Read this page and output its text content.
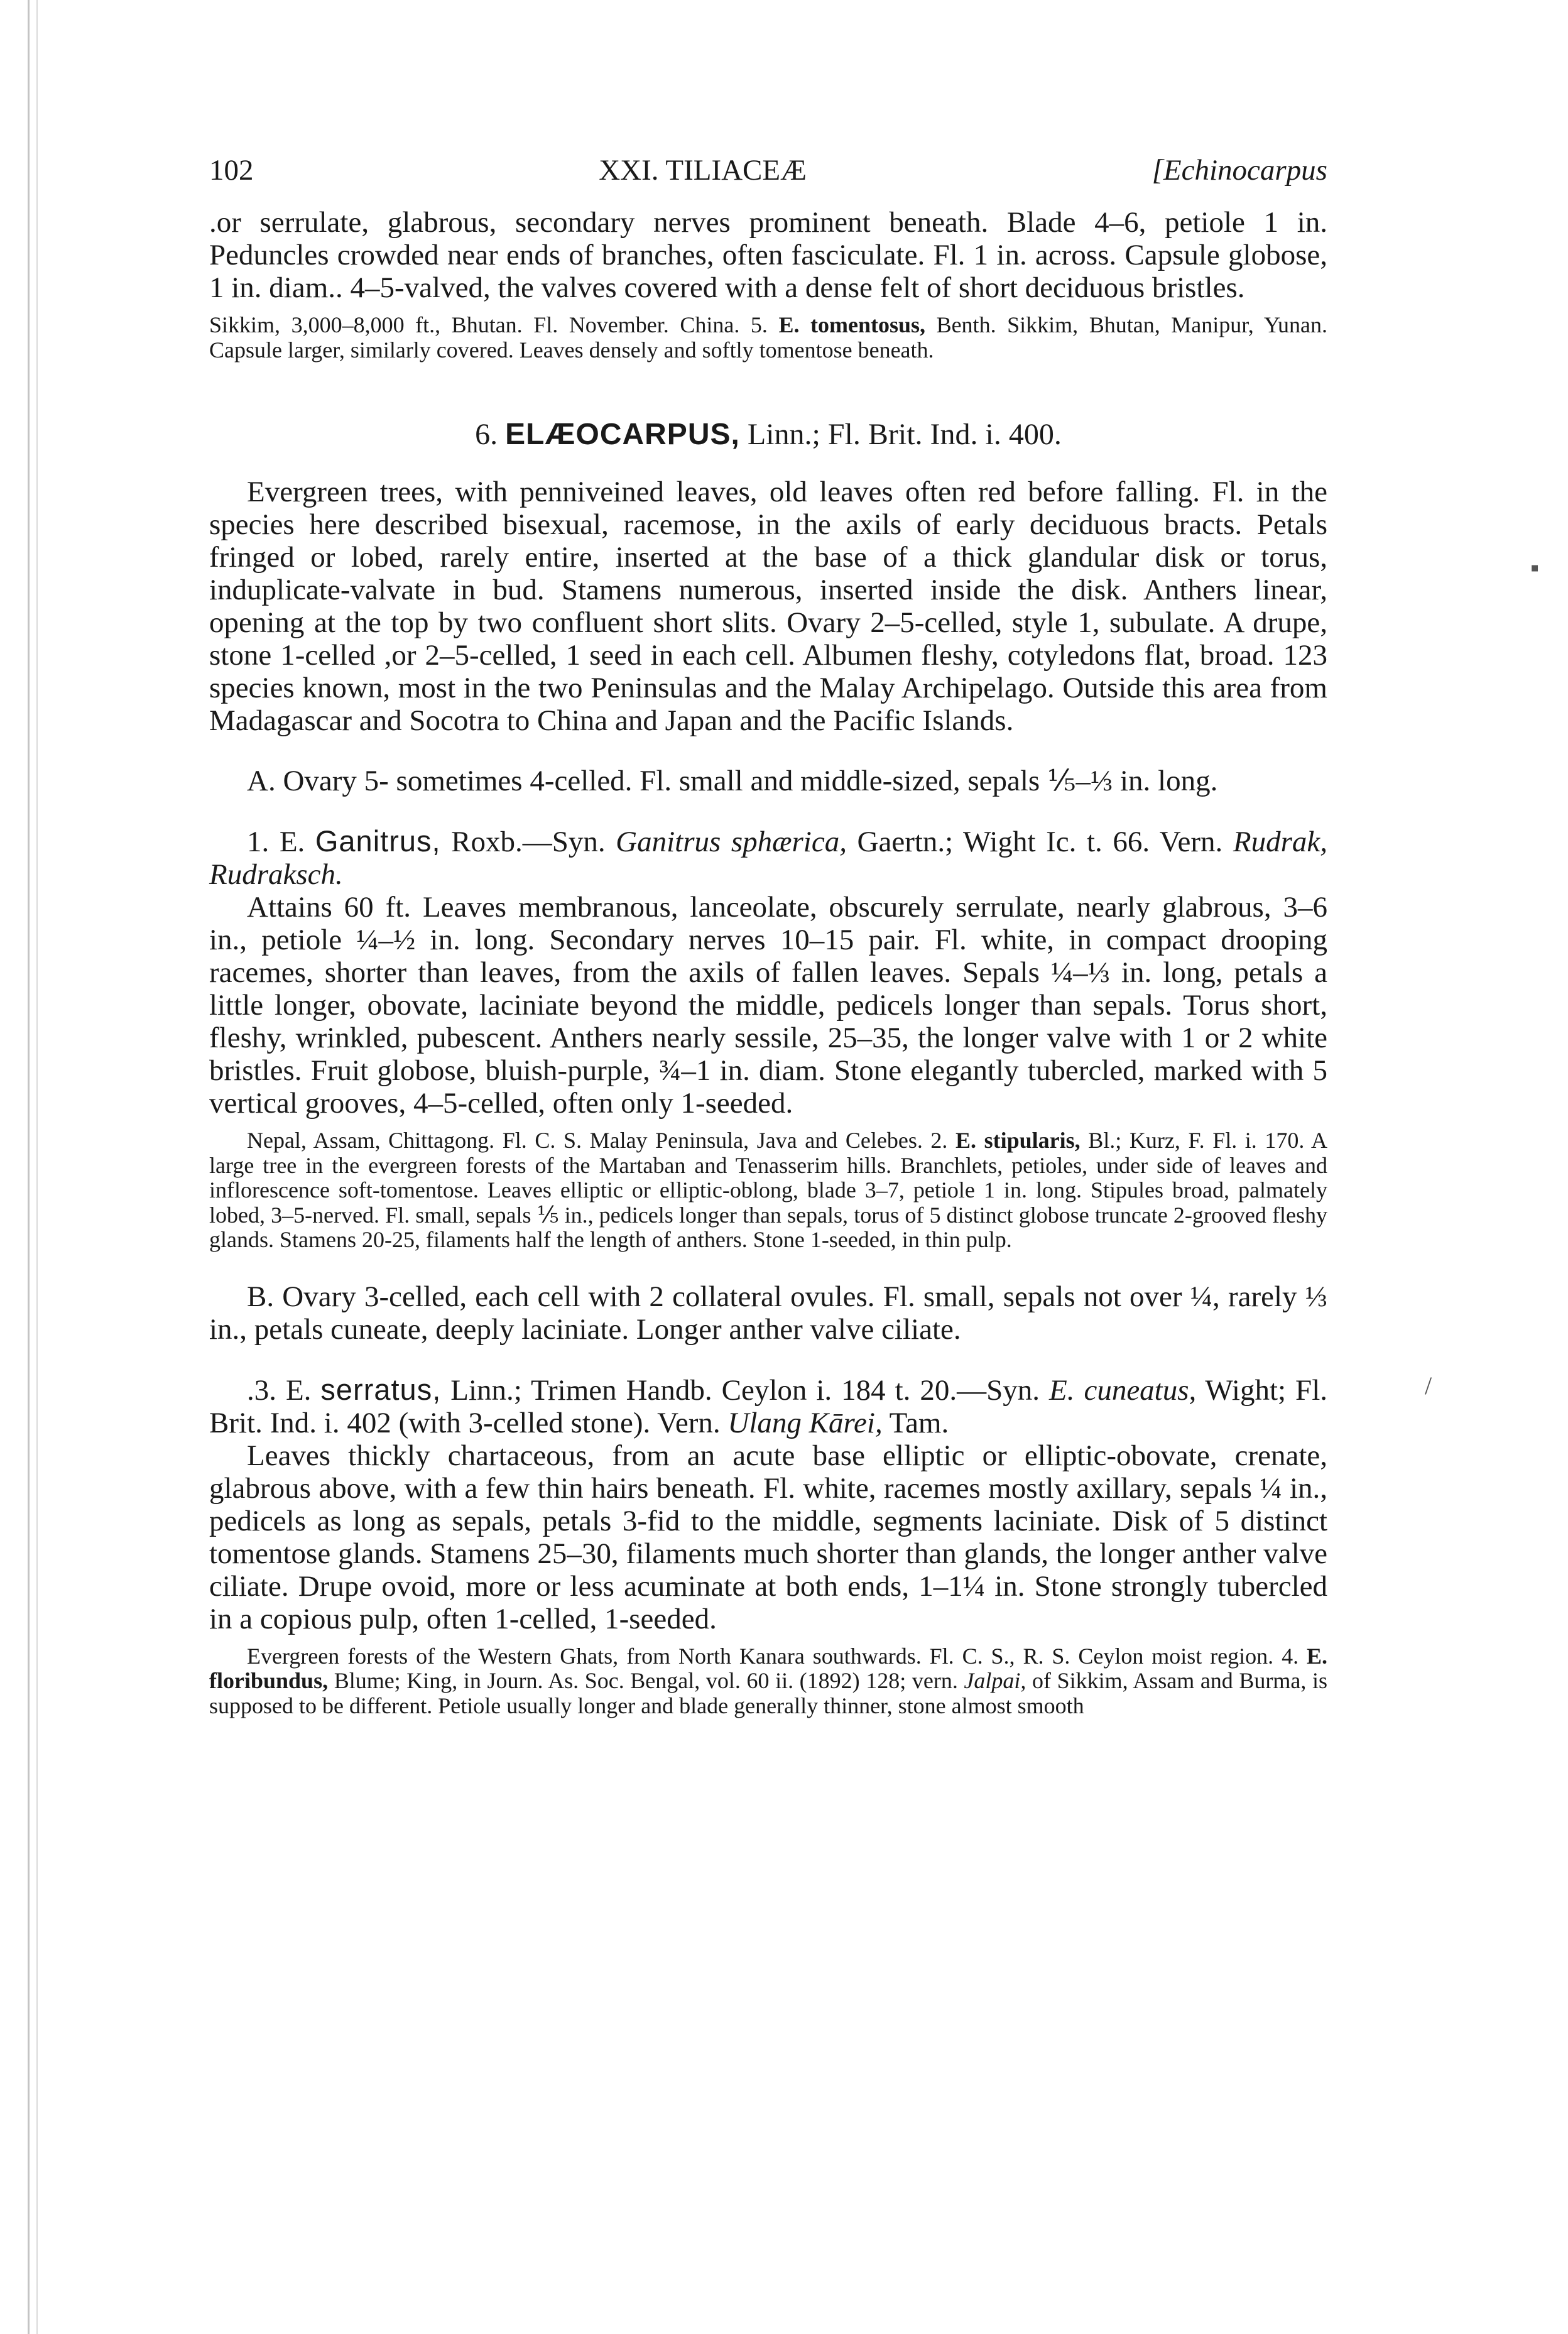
▪
/
102	XXI. TILIACEÆ	[Echinocarpus

.or serrulate, glabrous, secondary nerves prominent beneath. Blade 4–6, petiole 1 in. Peduncles crowded near ends of branches, often fasciculate. Fl. 1 in. across. Capsule globose, 1 in. diam.. 4–5-valved, the valves covered with a dense felt of short deciduous bristles.

Sikkim, 3,000–8,000 ft., Bhutan. Fl. November. China. 5. E. tomentosus, Benth. Sikkim, Bhutan, Manipur, Yunan. Capsule larger, similarly covered. Leaves densely and softly tomentose beneath.

6. ELÆOCARPUS, Linn.; Fl. Brit. Ind. i. 400.

Evergreen trees, with penniveined leaves, old leaves often red before falling. Fl. in the species here described bisexual, racemose, in the axils of early deciduous bracts. Petals fringed or lobed, rarely entire, inserted at the base of a thick glandular disk or torus, induplicate-valvate in bud. Stamens numerous, inserted inside the disk. Anthers linear, opening at the top by two confluent short slits. Ovary 2–5-celled, style 1, subulate. A drupe, stone 1-celled ,or 2–5-celled, 1 seed in each cell. Albumen fleshy, cotyledons flat, broad. 123 species known, most in the two Peninsulas and the Malay Archipelago. Outside this area from Madagascar and Socotra to China and Japan and the Pacific Islands.

A. Ovary 5- sometimes 4-celled. Fl. small and middle-sized, sepals ⅕–⅓ in. long.

1. E. Ganitrus, Roxb.—Syn. Ganitrus sphærica, Gaertn.; Wight Ic. t. 66. Vern. Rudrak, Rudraksch.

Attains 60 ft. Leaves membranous, lanceolate, obscurely serrulate, nearly glabrous, 3–6 in., petiole ¼–½ in. long. Secondary nerves 10–15 pair. Fl. white, in compact drooping racemes, shorter than leaves, from the axils of fallen leaves. Sepals ¼–⅓ in. long, petals a little longer, obovate, laciniate beyond the middle, pedicels longer than sepals. Torus short, fleshy, wrinkled, pubescent. Anthers nearly sessile, 25–35, the longer valve with 1 or 2 white bristles. Fruit globose, bluish-purple, ¾–1 in. diam. Stone elegantly tubercled, marked with 5 vertical grooves, 4–5-celled, often only 1-seeded.

Nepal, Assam, Chittagong. Fl. C. S. Malay Peninsula, Java and Celebes. 2. E. stipularis, Bl.; Kurz, F. Fl. i. 170. A large tree in the evergreen forests of the Martaban and Tenasserim hills. Branchlets, petioles, under side of leaves and inflorescence soft-tomentose. Leaves elliptic or elliptic-oblong, blade 3–7, petiole 1 in. long. Stipules broad, palmately lobed, 3–5-nerved. Fl. small, sepals ⅕ in., pedicels longer than sepals, torus of 5 distinct globose truncate 2-grooved fleshy glands. Stamens 20-25, filaments half the length of anthers. Stone 1-seeded, in thin pulp.

B. Ovary 3-celled, each cell with 2 collateral ovules. Fl. small, sepals not over ¼, rarely ⅓ in., petals cuneate, deeply laciniate. Longer anther valve ciliate.

.3. E. serratus, Linn.; Trimen Handb. Ceylon i. 184 t. 20.—Syn. E. cuneatus, Wight; Fl. Brit. Ind. i. 402 (with 3-celled stone). Vern. Ulang Kārei, Tam.

Leaves thickly chartaceous, from an acute base elliptic or elliptic-obovate, crenate, glabrous above, with a few thin hairs beneath. Fl. white, racemes mostly axillary, sepals ¼ in., pedicels as long as sepals, petals 3-fid to the middle, segments laciniate. Disk of 5 distinct tomentose glands. Stamens 25–30, filaments much shorter than glands, the longer anther valve ciliate. Drupe ovoid, more or less acuminate at both ends, 1–1¼ in. Stone strongly tubercled in a copious pulp, often 1-celled, 1-seeded.

Evergreen forests of the Western Ghats, from North Kanara southwards. Fl. C. S., R. S. Ceylon moist region. 4. E. floribundus, Blume; King, in Journ. As. Soc. Bengal, vol. 60 ii. (1892) 128; vern. Jalpai, of Sikkim, Assam and Burma, is supposed to be different. Petiole usually longer and blade generally thinner, stone almost smooth
